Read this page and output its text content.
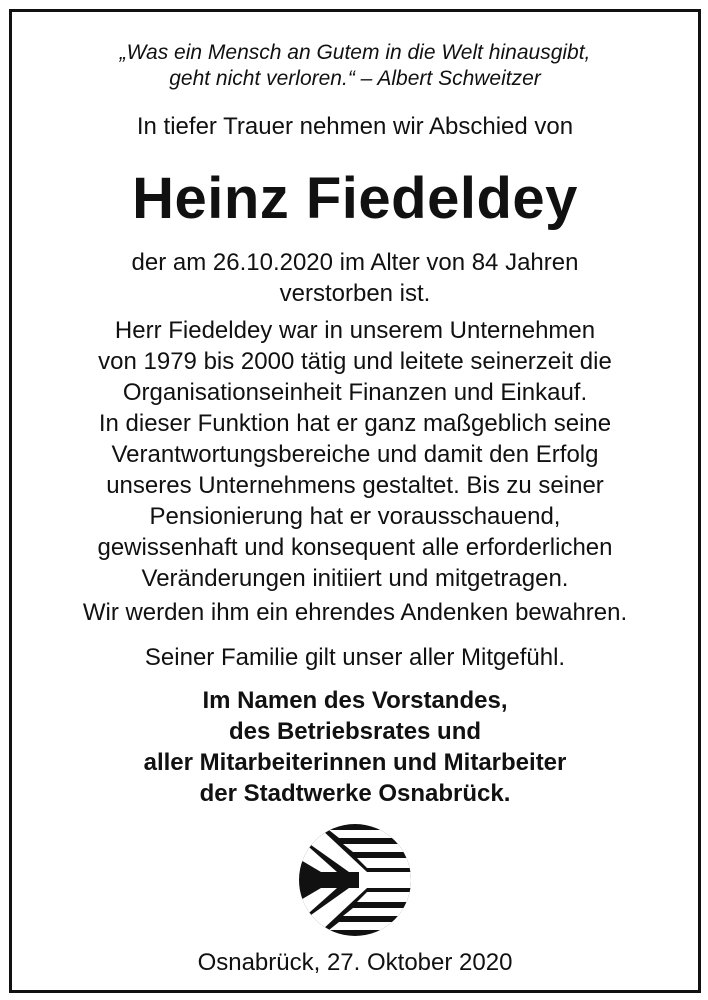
„Was ein Mensch an Gutem in die Welt hinausgibt,
geht nicht verloren.“ – Albert Schweitzer
In tiefer Trauer nehmen wir Abschied von
Heinz Fiedeldey
der am 26.10.2020 im Alter von 84 Jahren
verstorben ist.
Herr Fiedeldey war in unserem Unternehmen
von 1979 bis 2000 tätig und leitete seinerzeit die
Organisationseinheit Finanzen und Einkauf.
In dieser Funktion hat er ganz maßgeblich seine
Verantwortungsbereiche und damit den Erfolg
unseres Unternehmens gestaltet. Bis zu seiner
Pensionierung hat er vorausschauend,
gewissenhaft und konsequent alle erforderlichen
Veränderungen initiiert und mitgetragen.
Wir werden ihm ein ehrendes Andenken bewahren.
Seiner Familie gilt unser aller Mitgefühl.
Im Namen des Vorstandes,
des Betriebsrates und
aller Mitarbeiterinnen und Mitarbeiter
der Stadtwerke Osnabrück.
Osnabrück, 27. Oktober 2020
